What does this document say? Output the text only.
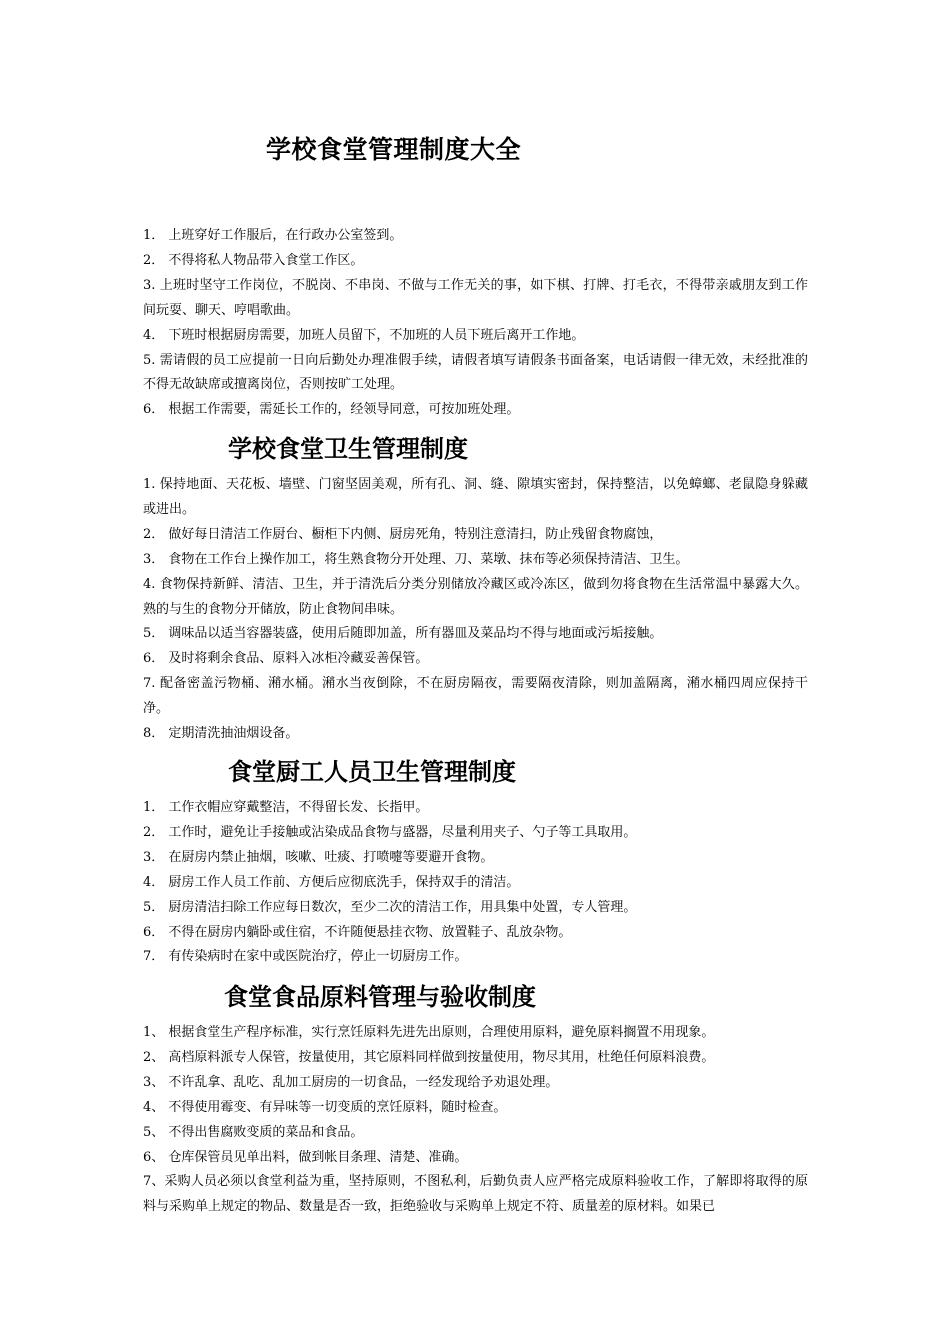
学校食堂管理制度大全

1． 上班穿好工作服后，在行政办公室签到。

2． 不得将私人物品带入食堂工作区。

3. 上班时坚守工作岗位，不脱岗、不串岗、不做与工作无关的事，如下棋、打牌、打毛衣，不得带亲戚朋友到工作间玩耍、聊天、哼唱歌曲。

4． 下班时根据厨房需要，加班人员留下，不加班的人员下班后离开工作地。

5. 需请假的员工应提前一日向后勤处办理准假手续，请假者填写请假条书面备案，电话请假一律无效，未经批准的不得无故缺席或擅离岗位，否则按旷工处理。

6． 根据工作需要，需延长工作的，经领导同意，可按加班处理。

学校食堂卫生管理制度

1. 保持地面、天花板、墙壁、门窗坚固美观，所有孔、洞、缝、隙填实密封，保持整洁，以免蟑螂、老鼠隐身躲藏或进出。

2． 做好每日清洁工作厨台、橱柜下内侧、厨房死角，特别注意清扫，防止残留食物腐蚀，

3． 食物在工作台上操作加工，将生熟食物分开处理、刀、菜墩、抹布等必须保持清洁、卫生。

4. 食物保持新鲜、清洁、卫生，并于清洗后分类分别储放冷藏区或冷冻区，做到勿将食物在生活常温中暴露大久。熟的与生的食物分开储放，防止食物间串味。

5． 调味品以适当容器装盛，使用后随即加盖，所有器皿及菜品均不得与地面或污垢接触。

6． 及时将剩余食品、原料入冰柜冷藏妥善保管。

7. 配备密盖污物桶、潲水桶。潲水当夜倒除，不在厨房隔夜，需要隔夜清除，则加盖隔离，潲水桶四周应保持干净。

8． 定期清洗抽油烟设备。

食堂厨工人员卫生管理制度

1． 工作衣帽应穿戴整洁，不得留长发、长指甲。

2． 工作时，避免让手接触或沾染成品食物与盛器，尽量利用夹子、勺子等工具取用。

3． 在厨房内禁止抽烟，咳嗽、吐痰、打喷嚏等要避开食物。

4． 厨房工作人员工作前、方便后应彻底洗手，保持双手的清洁。

5． 厨房清洁扫除工作应每日数次，至少二次的清洁工作，用具集中处置，专人管理。

6． 不得在厨房内躺卧或住宿，不许随便悬挂衣物、放置鞋子、乱放杂物。

7． 有传染病时在家中或医院治疗，停止一切厨房工作。

食堂食品原料管理与验收制度

1、 根据食堂生产程序标准，实行烹饪原料先进先出原则，合理使用原料，避免原料搁置不用现象。

2、 高档原料派专人保管，按量使用，其它原料同样做到按量使用，物尽其用，杜绝任何原料浪费。

3、 不许乱拿、乱吃、乱加工厨房的一切食品，一经发现给予劝退处理。

4、 不得使用霉变、有异味等一切变质的烹饪原料，随时检查。

5、 不得出售腐败变质的菜品和食品。

6、 仓库保管员见单出料，做到帐目条理、清楚、准确。

7、采购人员必须以食堂利益为重，坚持原则，不图私利，后勤负责人应严格完成原料验收工作，了解即将取得的原料与采购单上规定的物品、数量是否一致，拒绝验收与采购单上规定不符、质量差的原材料。如果已
